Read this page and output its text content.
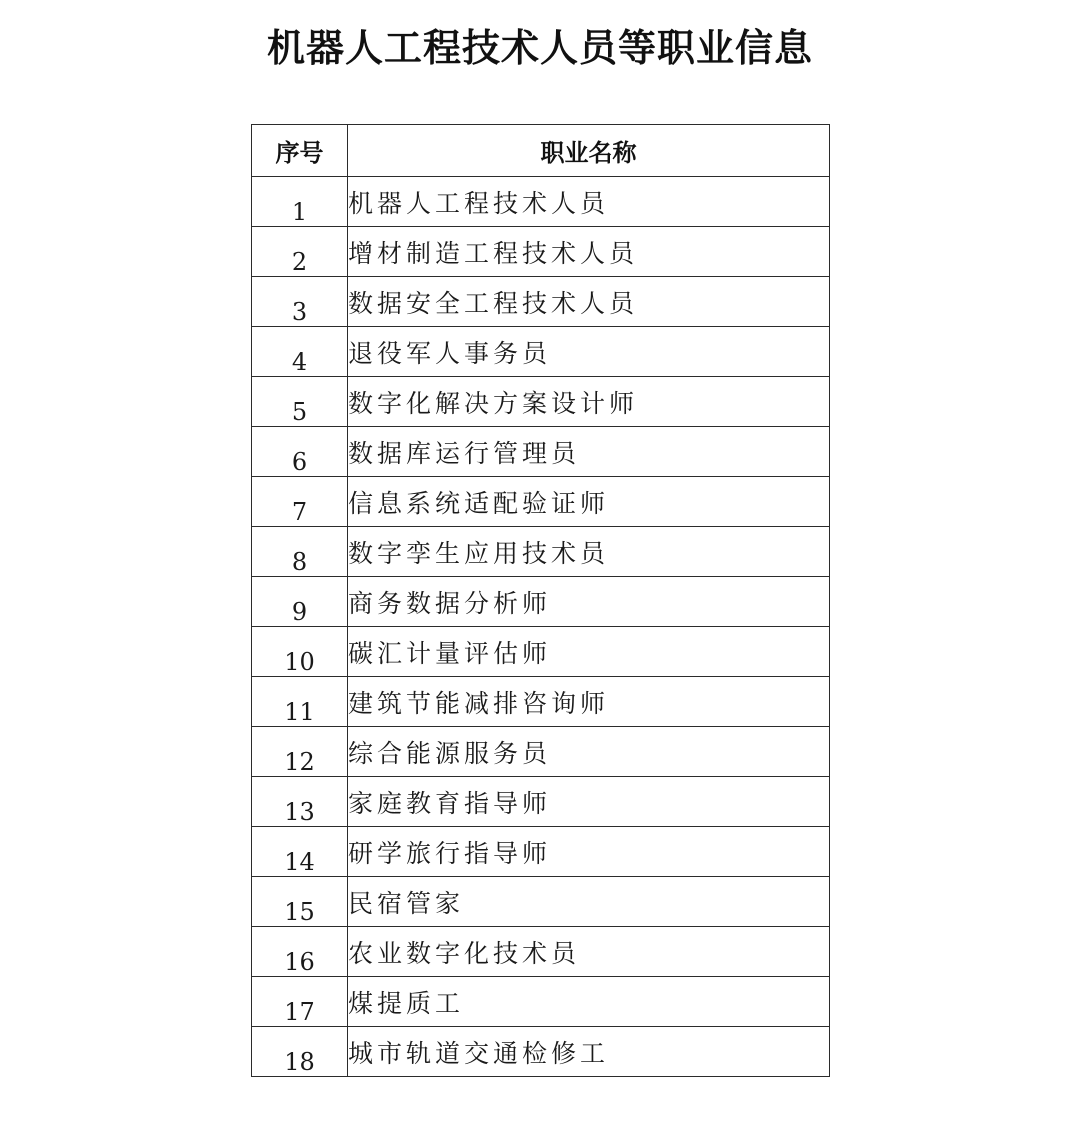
机器人工程技术人员等职业信息
序号	职业名称
1	机器人工程技术人员
2	增材制造工程技术人员
3	数据安全工程技术人员
4	退役军人事务员
5	数字化解决方案设计师
6	数据库运行管理员
7	信息系统适配验证师
8	数字孪生应用技术员
9	商务数据分析师
10	碳汇计量评估师
11	建筑节能减排咨询师
12	综合能源服务员
13	家庭教育指导师
14	研学旅行指导师
15	民宿管家
16	农业数字化技术员
17	煤提质工
18	城市轨道交通检修工
